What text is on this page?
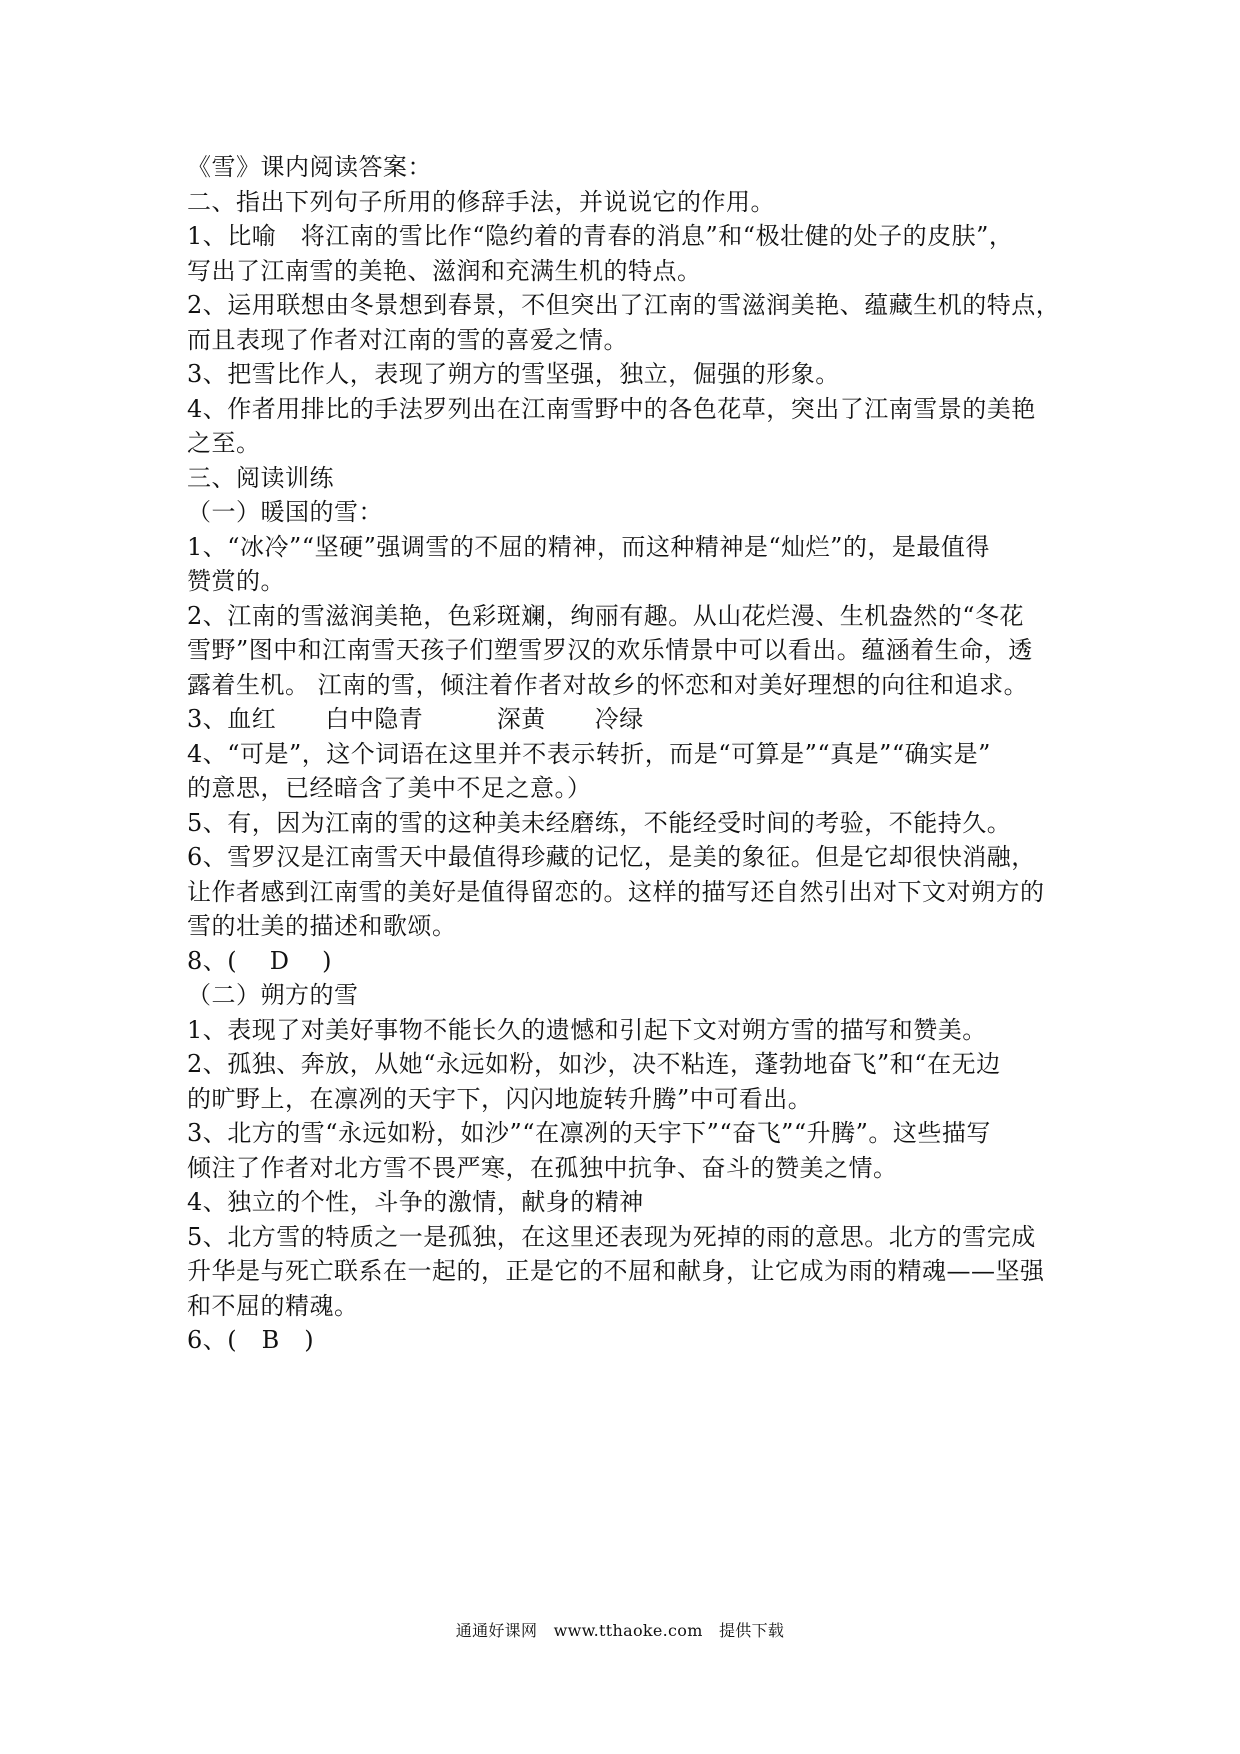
《雪》课内阅读答案：
二、指出下列句子所用的修辞手法，并说说它的作用。
1、比喻　将江南的雪比作“隐约着的青春的消息”和“极壮健的处子的皮肤”，
写出了江南雪的美艳、滋润和充满生机的特点。
2、运用联想由冬景想到春景，不但突出了江南的雪滋润美艳、蕴藏生机的特点，
而且表现了作者对江南的雪的喜爱之情。
3、把雪比作人，表现了朔方的雪坚强，独立，倔强的形象。
4、作者用排比的手法罗列出在江南雪野中的各色花草，突出了江南雪景的美艳
之至。
三、阅读训练
（一）暖国的雪：
1、“冰冷”“坚硬”强调雪的不屈的精神，而这种精神是“灿烂”的，是最值得
赞赏的。
2、江南的雪滋润美艳，色彩斑斓，绚丽有趣。从山花烂漫、生机盎然的“冬花
雪野”图中和江南雪天孩子们塑雪罗汉的欢乐情景中可以看出。蕴涵着生命，透
露着生机。 江南的雪，倾注着作者对故乡的怀恋和对美好理想的向往和追求。
3、血红　　白中隐青　　　深黄　　冷绿
4、“可是”，这个词语在这里并不表示转折，而是“可算是”“真是”“确实是”
的意思，已经暗含了美中不足之意。）
5、有，因为江南的雪的这种美未经磨练，不能经受时间的考验，不能持久。
6、雪罗汉是江南雪天中最值得珍藏的记忆，是美的象征。但是它却很快消融，
让作者感到江南雪的美好是值得留恋的。这样的描写还自然引出对下文对朔方的
雪的壮美的描述和歌颂。
8、(　 D　 )
（二）朔方的雪
1、表现了对美好事物不能长久的遗憾和引起下文对朔方雪的描写和赞美。
2、孤独、奔放，从她“永远如粉，如沙，决不粘连，蓬勃地奋飞”和“在无边
的旷野上，在凛冽的天宇下，闪闪地旋转升腾”中可看出。
3、北方的雪“永远如粉，如沙”“在凛冽的天宇下”“奋飞”“升腾”。这些描写
倾注了作者对北方雪不畏严寒，在孤独中抗争、奋斗的赞美之情。
4、独立的个性，斗争的激情，献身的精神
5、北方雪的特质之一是孤独，在这里还表现为死掉的雨的意思。北方的雪完成
升华是与死亡联系在一起的，正是它的不屈和献身，让它成为雨的精魂——坚强
和不屈的精魂。
6、(　B　)
通通好课网　www.tthaoke.com　提供下载
